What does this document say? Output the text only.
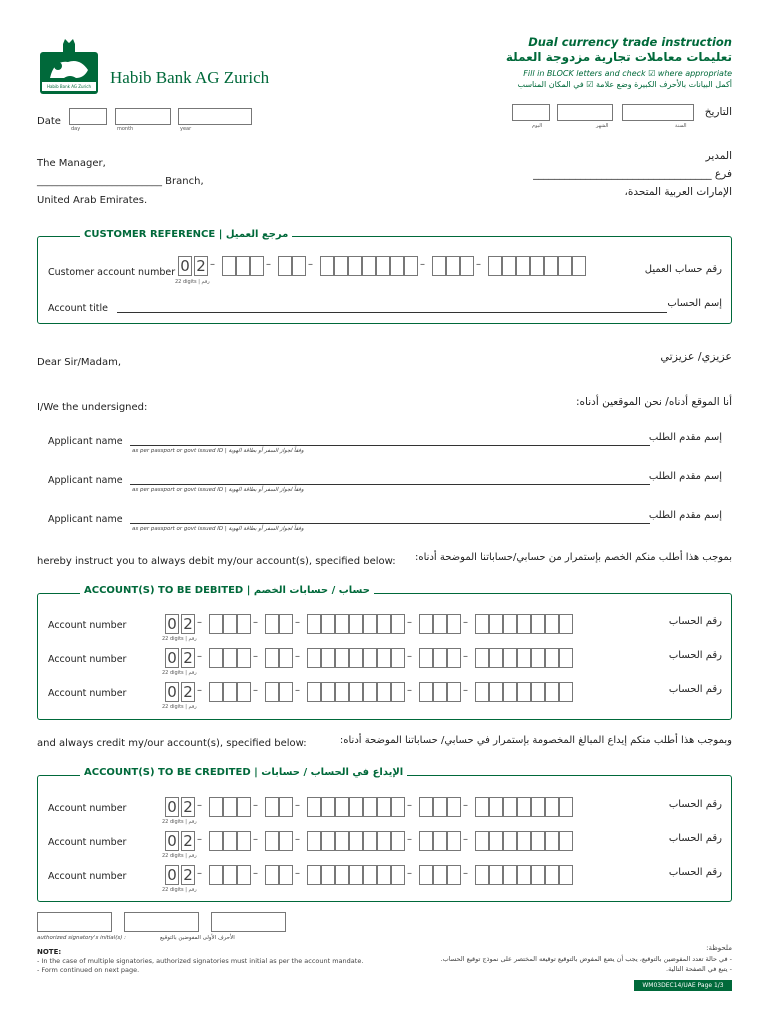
Habib Bank AG Zurich Habib Bank AG Zurich
Dual currency trade instruction
تعليمات معاملات تجارية مزدوجة العملة
Fill in BLOCK letters and check ☑ where appropriate
أكمل البيانات بالأحرف الكبيرة وضع علامة ☑ في المكان المناسب
Date
day	month	year
التاريخ
اليوم	الشهر	السنة
The Manager,
_________________________ Branch,
United Arab Emirates.
المدير
فرع __________________________________
الإمارات العربية المتحدة،
CUSTOMER REFERENCE | مرجع العميل
Customer account number	رقم حساب العميل
0 2 –	–	–	–	–
22 digits | رقم
Account title	إسم الحساب
Dear Sir/Madam,	عزيزي/ عزيزتي
I/We the undersigned:	أنا الموقع أدناه/ نحن الموقعين أدناه:
Applicant name	إسم مقدم الطلب
as per passport or govt issued ID | وفقاً لجواز السفر أو بطاقة الهوية
Applicant name	إسم مقدم الطلب
as per passport or govt issued ID | وفقاً لجواز السفر أو بطاقة الهوية
Applicant name	إسم مقدم الطلب
as per passport or govt issued ID | وفقاً لجواز السفر أو بطاقة الهوية
hereby instruct you to always debit my/our account(s), specified below: بموجب هذا أطلب منكم الخصم بإستمرار من حسابي/حساباتنا الموضحة أدناه:
ACCOUNT(S) TO BE DEBITED | حساب / حسابات الخصم
Account number	رقم الحساب
0 2 –	–	–	–	–
22 digits | رقم
Account number	رقم الحساب
0 2 –	–	–	–	–
22 digits | رقم
Account number	رقم الحساب
0 2 –	–	–	–	–
22 digits | رقم
and always credit my/our account(s), specified below:	وبموجب هذا أطلب منكم إيداع المبالغ المخصومة بإستمرار في حسابي/ حساباتنا الموضحة أدناه:
ACCOUNT(S) TO BE CREDITED | الإيداع في الحساب / حسابات
Account number	رقم الحساب
0 2 –	–	–	–	–
22 digits | رقم
Account number	رقم الحساب
0 2 –	–	–	–	–
22 digits | رقم
Account number	رقم الحساب
0 2 –	–	–	–	–
22 digits | رقم
authorized signatory's initial(s) :	الأحرف الأولى المفوضين بالتوقيع
NOTE:
- In the case of multiple signatories, authorized signatories must initial as per the account mandate.
- Form continued on next page.
ملحوظة:
- في حالة تعدد المفوضين بالتوقيع، يجب أن يضع المفوض بالتوقيع توقيعه المختصر على نموذج توقيع الحساب.
- يتبع في الصفحة التالية.
WM03DEC14/UAE Page 1/3
